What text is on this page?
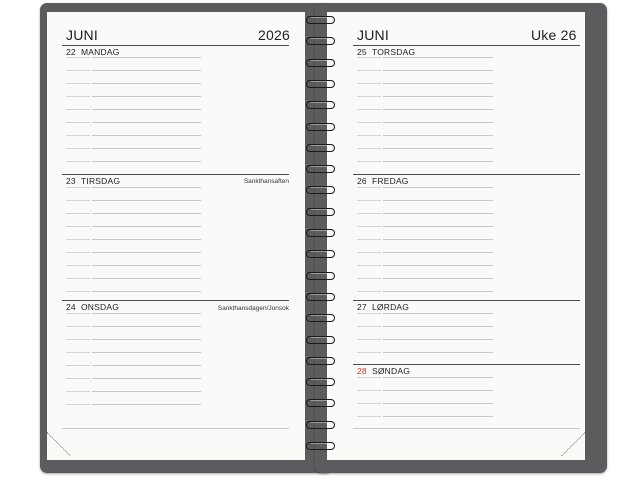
JUNI	2026	JUNI	Uke 26
22 MANDAG
23 TIRSDAG	Sankthansaften
24 ONSDAG	Sankthansdagen/Jonsok
25 TORSDAG
26 FREDAG
27 LØRDAG
28 SØNDAG
